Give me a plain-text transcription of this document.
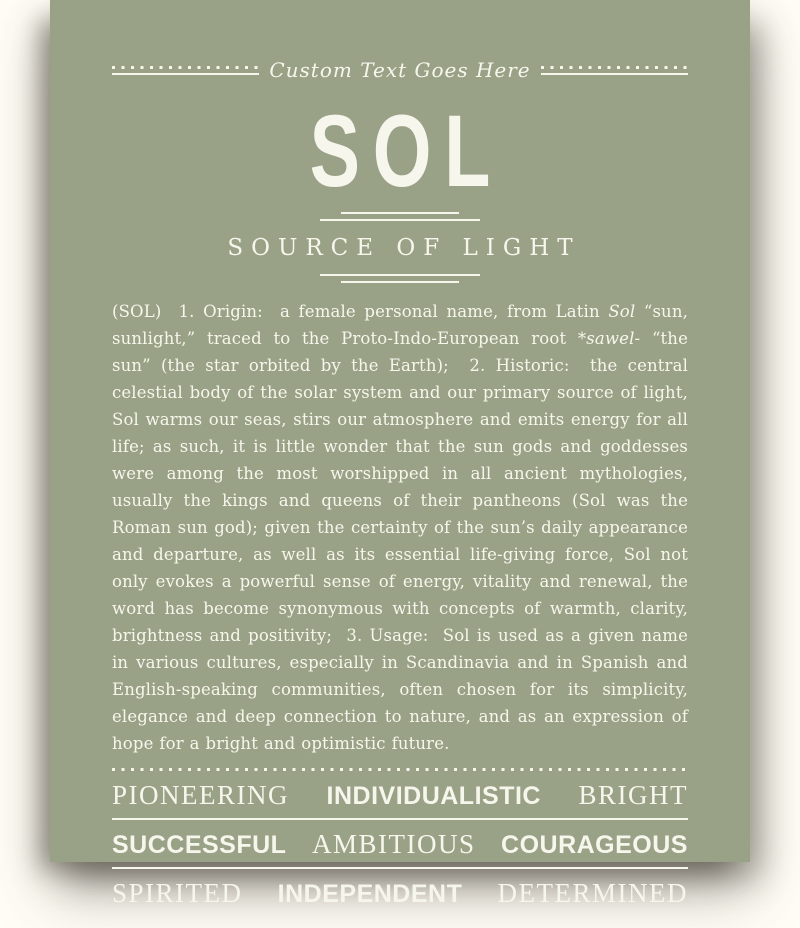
Custom Text Goes Here
SOL
SOURCE OF LIGHT

(SOL)  1. Origin:  a female personal name, from Latin Sol “sun, sunlight,” traced to the Proto-Indo-European root *sawel- “the sun” (the star orbited by the Earth);  2. Historic:  the central celestial body of the solar system and our primary source of light, Sol warms our seas, stirs our atmosphere and emits energy for all life; as such, it is little wonder that the sun gods and goddesses were among the most worshipped in all ancient mythologies, usually the kings and queens of their pantheons (Sol was the Roman sun god); given the certainty of the sun’s daily appearance and departure, as well as its essential life-giving force, Sol not only evokes a powerful sense of energy, vitality and renewal, the word has become synonymous with concepts of warmth, clarity, brightness and positivity;  3. Usage:  Sol is used as a given name in various cultures, especially in Scandinavia and in Spanish and English-speaking communities, often chosen for its simplicity, elegance and deep connection to nature, and as an expression of hope for a bright and optimistic future.

PIONEERING INDIVIDUALISTIC BRIGHT
SUCCESSFUL AMBITIOUS COURAGEOUS
SPIRITED INDEPENDENT DETERMINED
